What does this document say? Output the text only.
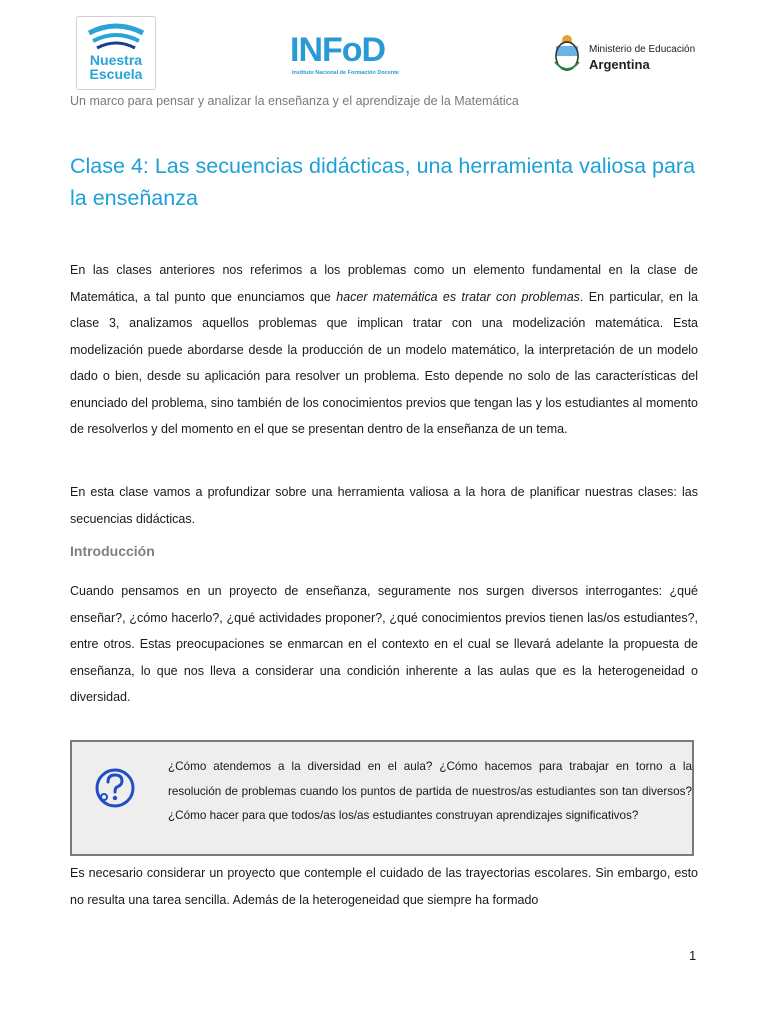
Nuestra
Escuela
INFoD
Instituto Nacional de Formación Docente
Ministerio de Educación
Argentina
Un marco para pensar y analizar la enseñanza y el aprendizaje de la Matemática
Clase 4: Las secuencias didácticas, una herramienta valiosa para la enseñanza

En las clases anteriores nos referimos a los problemas como un elemento fundamental en la clase de Matemática, a tal punto que enunciamos que hacer matemática es tratar con problemas. En particular, en la clase 3, analizamos aquellos problemas que implican tratar con una modelización matemática. Esta modelización puede abordarse desde la producción de un modelo matemático, la interpretación de un modelo dado o bien, desde su aplicación para resolver un problema. Esto depende no solo de las características del enunciado del problema, sino también de los conocimientos previos que tengan las y los estudiantes al momento de resolverlos y del momento en el que se presentan dentro de la enseñanza de un tema.

En esta clase vamos a profundizar sobre una herramienta valiosa a la hora de planificar nuestras clases: las secuencias didácticas.

Introducción

Cuando pensamos en un proyecto de enseñanza, seguramente nos surgen diversos interrogantes: ¿qué enseñar?, ¿cómo hacerlo?, ¿qué actividades proponer?, ¿qué conocimientos previos tienen las/os estudiantes?, entre otros. Estas preocupaciones se enmarcan en el contexto en el cual se llevará adelante la propuesta de enseñanza, lo que nos lleva a considerar una condición inherente a las aulas que es la heterogeneidad o diversidad.

¿Cómo atendemos a la diversidad en el aula? ¿Cómo hacemos para trabajar en torno a la resolución de problemas cuando los puntos de partida de nuestros/as estudiantes son tan diversos? ¿Cómo hacer para que todos/as los/as estudiantes construyan aprendizajes significativos?

Es necesario considerar un proyecto que contemple el cuidado de las trayectorias escolares. Sin embargo, esto no resulta una tarea sencilla. Además de la heterogeneidad que siempre ha formado

1
